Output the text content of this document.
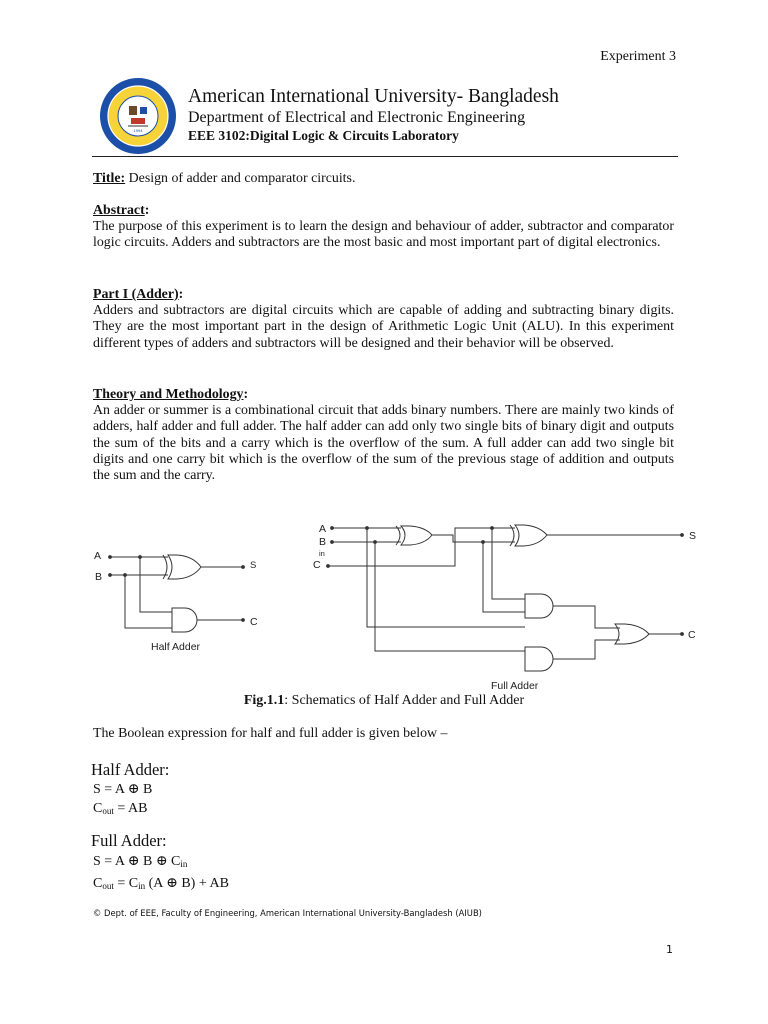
Experiment 3
1994
American International University- Bangladesh
Department of Electrical and Electronic Engineering
EEE 3102:Digital Logic & Circuits Laboratory
Title: Design of adder and comparator circuits.
Abstract:
The purpose of this experiment is to learn the design and behaviour of adder, subtractor and comparator logic circuits. Adders and subtractors are the most basic and most important part of digital electronics.
Part I (Adder):
Adders and subtractors are digital circuits which are capable of adding and subtracting binary digits. They are the most important part in the design of Arithmetic Logic Unit (ALU). In this experiment different types of adders and subtractors will be designed and their behavior will be observed.
Theory and Methodology:
An adder or summer is a combinational circuit that adds binary numbers. There are mainly two kinds of adders, half adder and full adder. The half adder can add only two single bits of binary digit and outputs the sum of the bits and a carry which is the overflow of the sum. A full adder can add two single bit digits and one carry bit which is the overflow of the sum of the previous stage of addition and outputs the sum and the carry.
A
B
S
C
Half Adder
A
B
in
C
S
C
Full Adder
Fig.1.1: Schematics of Half Adder and Full Adder
The Boolean expression for half and full adder is given below –
Half Adder:
S = A ⊕ B
$C_{out}$ = AB
Full Adder:
S = A ⊕ B ⊕ $C_{in}$
$C_{out} = C_{in}$ (A ⊕ B) + AB
© Dept. of EEE, Faculty of Engineering, American International University-Bangladesh (AIUB)
1
